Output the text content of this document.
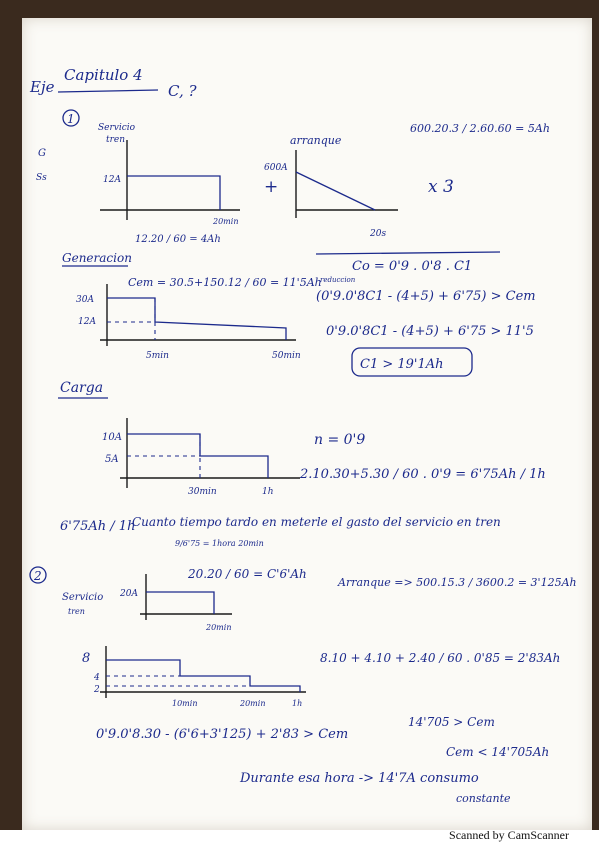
Eje
Capitulo 4
C, ?
1
G
Ss
Servicio
tren
12A
20min
12.20 / 60 = 4Ah
arranque
600.20.3 / 2.60.60 = 5Ah
600A
20s
+	x 3
Generacion
Cem = 30.5+150.12 / 60 = 11'5Ah
30A
12A
5min	50min
Co = 0'9 . 0'8 . C1
reduccion
(0'9.0'8C1 - (4+5) + 6'75) > Cem
0'9.0'8C1 - (4+5) + 6'75 > 11'5
C1 > 19'1Ah
Carga
10A
5A
30min	1h
n = 0'9
2.10.30+5.30 / 60 . 0'9 = 6'75Ah / 1h
6'75Ah / 1h
Cuanto tiempo tardo en meterle el gasto del servicio en tren
9/6'75 = 1hora 20min
2	20.20 / 60 = C'6'Ah
Servicio
tren
20A
20min
Arranque => 500.15.3 / 3600.2 = 3'125Ah
8
4
2
10min	20min	1h
8.10 + 4.10 + 2.40 / 60 . 0'85 = 2'83Ah
0'9.0'8.30 - (6'6+3'125) + 2'83 > Cem
14'705 > Cem
Cem < 14'705Ah
Durante esa hora -> 14'7A consumo
constante
Scanned by CamScanner
